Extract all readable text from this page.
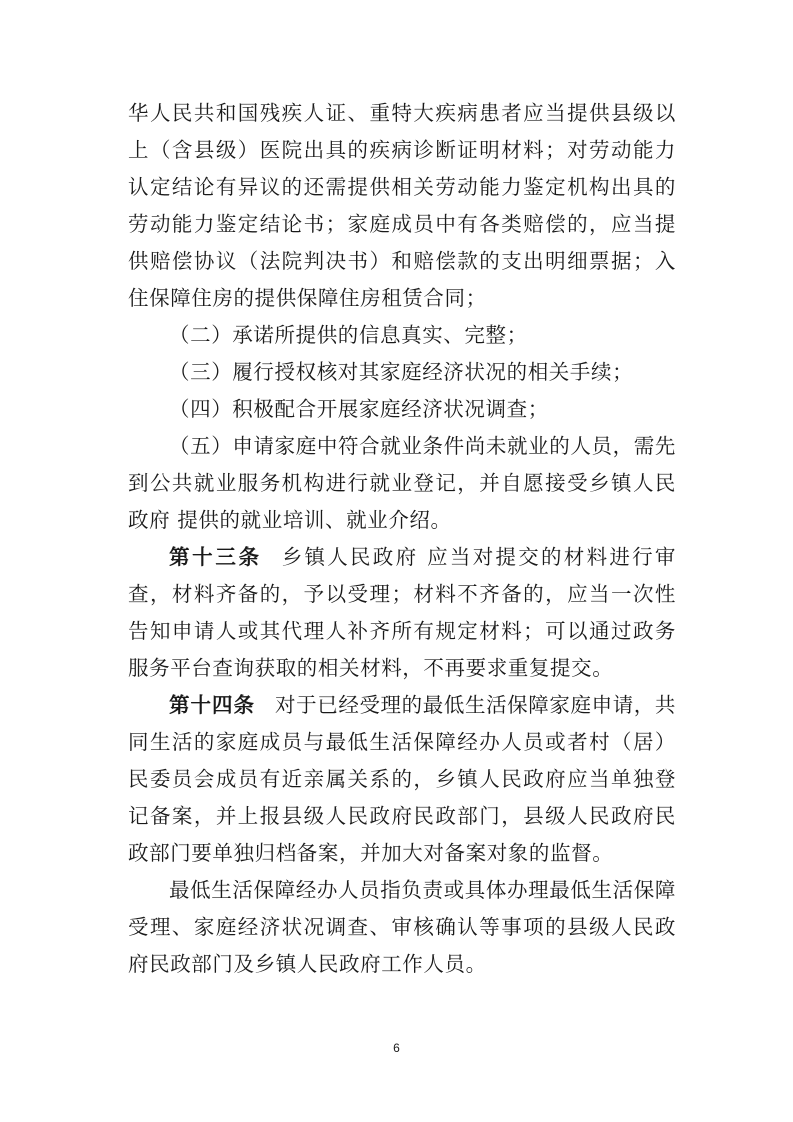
华人民共和国残疾人证、重特大疾病患者应当提供县级以上（含县级）医院出具的疾病诊断证明材料；对劳动能力认定结论有异议的还需提供相关劳动能力鉴定机构出具的劳动能力鉴定结论书；家庭成员中有各类赔偿的，应当提供赔偿协议（法院判决书）和赔偿款的支出明细票据；入住保障住房的提供保障住房租赁合同；

（二）承诺所提供的信息真实、完整；

（三）履行授权核对其家庭经济状况的相关手续；

（四）积极配合开展家庭经济状况调查；

（五）申请家庭中符合就业条件尚未就业的人员，需先到公共就业服务机构进行就业登记，并自愿接受乡镇人民政府 提供的就业培训、就业介绍。

第十三条 乡镇人民政府 应当对提交的材料进行审查，材料齐备的，予以受理；材料不齐备的，应当一次性告知申请人或其代理人补齐所有规定材料；可以通过政务服务平台查询获取的相关材料，不再要求重复提交。

第十四条 对于已经受理的最低生活保障家庭申请，共同生活的家庭成员与最低生活保障经办人员或者村（居）民委员会成员有近亲属关系的，乡镇人民政府应当单独登记备案，并上报县级人民政府民政部门，县级人民政府民政部门要单独归档备案，并加大对备案对象的监督。

最低生活保障经办人员指负责或具体办理最低生活保障受理、家庭经济状况调查、审核确认等事项的县级人民政府民政部门及乡镇人民政府工作人员。

6
